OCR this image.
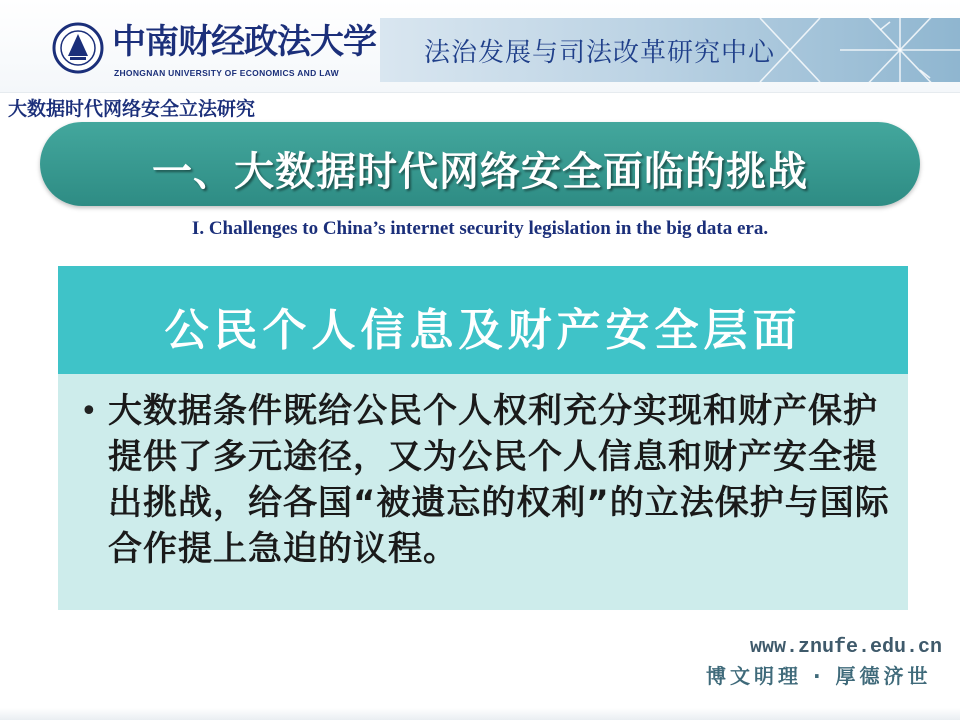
中南财经政法大学
ZHONGNAN UNIVERSITY OF ECONOMICS AND LAW
法治发展与司法改革研究中心
大数据时代网络安全立法研究
一、大数据时代网络安全面临的挑战
I. Challenges to China’s internet security legislation in the big data era.
公民个人信息及财产安全层面
• 大数据条件既给公民个人权利充分实现和财产保护提供了多元途径，又为公民个人信息和财产安全提出挑战，给各国“被遗忘的权利”的立法保护与国际合作提上急迫的议程。
www.znufe.edu.cn
博文明理 · 厚德济世
